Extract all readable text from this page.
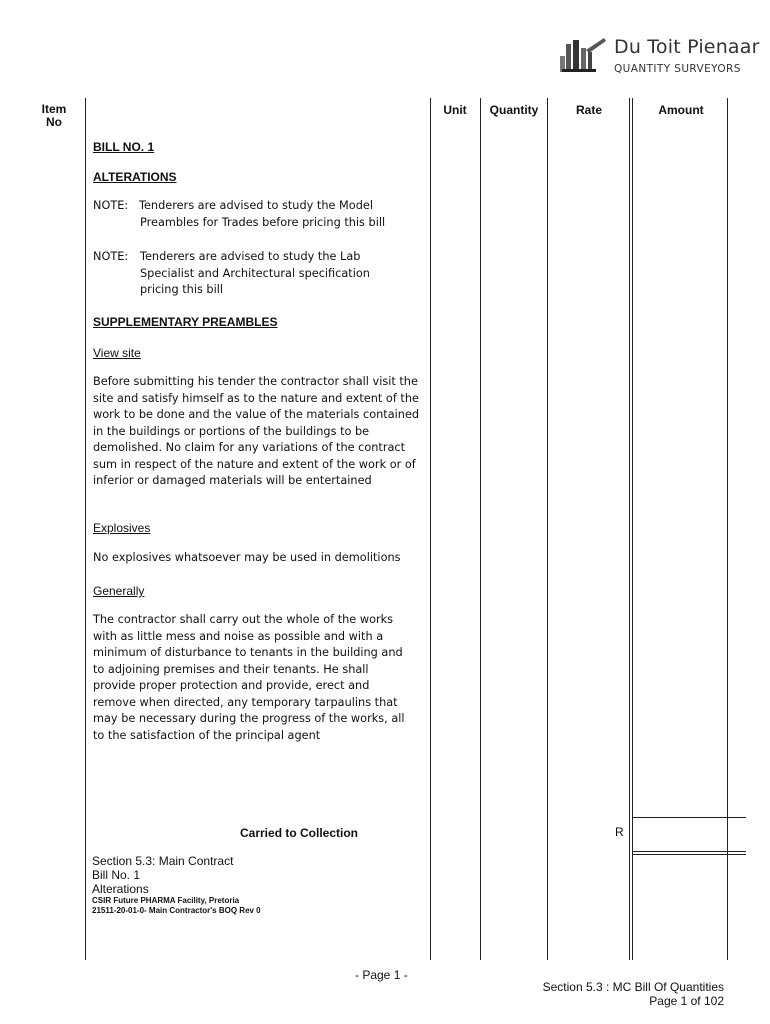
Du Toit Pienaar
QUANTITY SURVEYORS
Item
No
Unit	Quantity	Rate	Amount
BILL NO. 1
ALTERATIONS
NOTE: Tenderers are advised to study the Model Preambles for Trades before pricing this bill
NOTE: Tenderers are advised to study the Lab Specialist and Architectural specification pricing this bill
SUPPLEMENTARY PREAMBLES
View site
Before submitting his tender the contractor shall visit the site and satisfy himself as to the nature and extent of the work to be done and the value of the materials contained in the buildings or portions of the buildings to be demolished. No claim for any variations of the contract sum in respect of the nature and extent of the work or of inferior or damaged materials will be entertained
Explosives
No explosives whatsoever may be used in demolitions
Generally
The contractor shall carry out the whole of the works with as little mess and noise as possible and with a minimum of disturbance to tenants in the building and to adjoining premises and their tenants. He shall provide proper protection and provide, erect and remove when directed, any temporary tarpaulins that may be necessary during the progress of the works, all to the satisfaction of the principal agent
Carried to Collection	R
Section 5.3: Main Contract
Bill No. 1
Alterations
CSIR Future PHARMA Facility, Pretoria
21511-20-01-0- Main Contractor's BOQ Rev 0
- Page 1 -
Section 5.3 : MC Bill Of Quantities
Page 1 of 102
